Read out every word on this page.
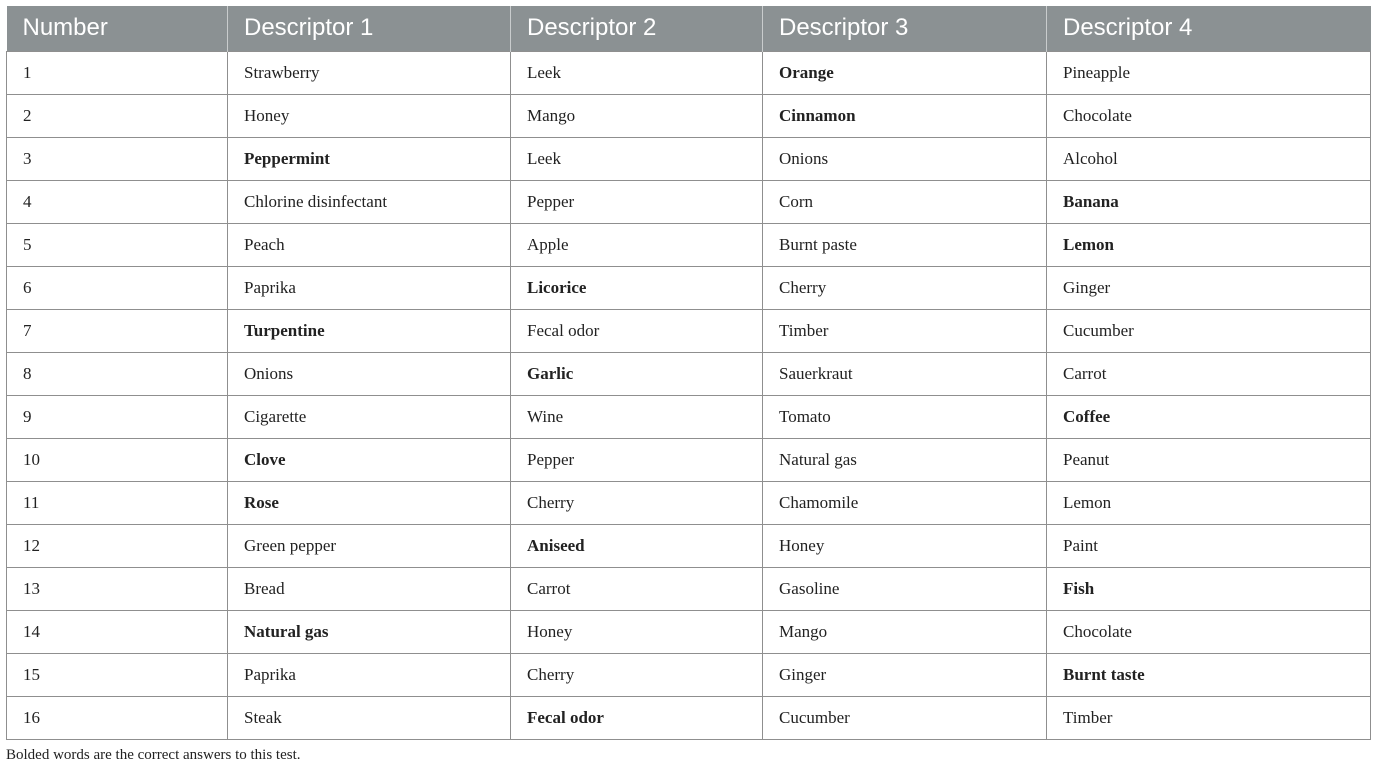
Number	Descriptor 1	Descriptor 2	Descriptor 3	Descriptor 4
1	Strawberry	Leek	Orange	Pineapple
2	Honey	Mango	Cinnamon	Chocolate
3	Peppermint	Leek	Onions	Alcohol
4	Chlorine disinfectant	Pepper	Corn	Banana
5	Peach	Apple	Burnt paste	Lemon
6	Paprika	Licorice	Cherry	Ginger
7	Turpentine	Fecal odor	Timber	Cucumber
8	Onions	Garlic	Sauerkraut	Carrot
9	Cigarette	Wine	Tomato	Coffee
10	Clove	Pepper	Natural gas	Peanut
11	Rose	Cherry	Chamomile	Lemon
12	Green pepper	Aniseed	Honey	Paint
13	Bread	Carrot	Gasoline	Fish
14	Natural gas	Honey	Mango	Chocolate
15	Paprika	Cherry	Ginger	Burnt taste
16	Steak	Fecal odor	Cucumber	Timber
Bolded words are the correct answers to this test.
